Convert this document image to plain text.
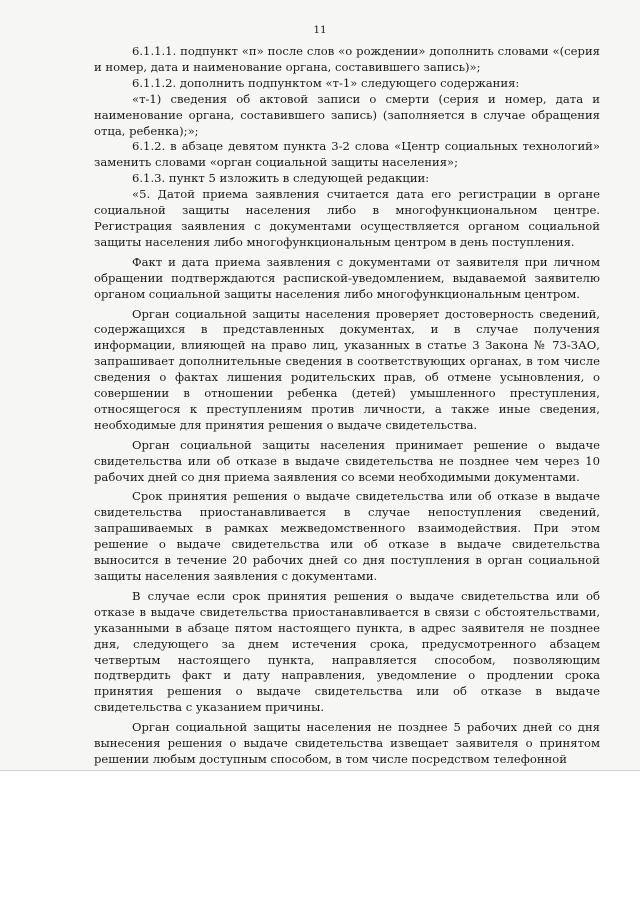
11

6.1.1.1. подпункт «п» после слов «о рождении» дополнить словами «(серия и номер, дата и наименование органа, составившего запись)»;

6.1.1.2. дополнить подпунктом «т-1» следующего содержания:

«т-1) сведения об актовой записи о смерти (серия и номер, дата и наименование органа, составившего запись) (заполняется в случае обращения отца, ребенка);»;

6.1.2. в абзаце девятом пункта 3-2 слова «Центр социальных технологий» заменить словами «орган социальной защиты населения»;

6.1.3. пункт 5 изложить в следующей редакции:

«5. Датой приема заявления считается дата его регистрации в органе социальной защиты населения либо в многофункциональном центре. Регистрация заявления с документами осуществляется органом социальной защиты населения либо многофункциональным центром в день поступления.

Факт и дата приема заявления с документами от заявителя при личном обращении подтверждаются распиской-уведомлением, выдаваемой заявителю органом социальной защиты населения либо многофункциональным центром.

Орган социальной защиты населения проверяет достоверность сведений, содержащихся в представленных документах, и в случае получения информации, влияющей на право лиц, указанных в статье 3 Закона № 73-ЗАО, запрашивает дополнительные сведения в соответствующих органах, в том числе сведения о фактах лишения родительских прав, об отмене усыновления, о совершении в отношении ребенка (детей) умышленного преступления, относящегося к преступлениям против личности, а также иные сведения, необходимые для принятия решения о выдаче свидетельства.

Орган социальной защиты населения принимает решение о выдаче свидетельства или об отказе в выдаче свидетельства не позднее чем через 10 рабочих дней со дня приема заявления со всеми необходимыми документами.

Срок принятия решения о выдаче свидетельства или об отказе в выдаче свидетельства приостанавливается в случае непоступления сведений, запрашиваемых в рамках межведомственного взаимодействия. При этом решение о выдаче свидетельства или об отказе в выдаче свидетельства выносится в течение 20 рабочих дней со дня поступления в орган социальной защиты населения заявления с документами.

В случае если срок принятия решения о выдаче свидетельства или об отказе в выдаче свидетельства приостанавливается в связи с обстоятельствами, указанными в абзаце пятом настоящего пункта, в адрес заявителя не позднее дня, следующего за днем истечения срока, предусмотренного абзацем четвертым настоящего пункта, направляется способом, позволяющим подтвердить факт и дату направления, уведомление о продлении срока принятия решения о выдаче свидетельства или об отказе в выдаче свидетельства с указанием причины.

Орган социальной защиты населения не позднее 5 рабочих дней со дня вынесения решения о выдаче свидетельства извещает заявителя о принятом решении любым доступным способом, в том числе посредством телефонной
